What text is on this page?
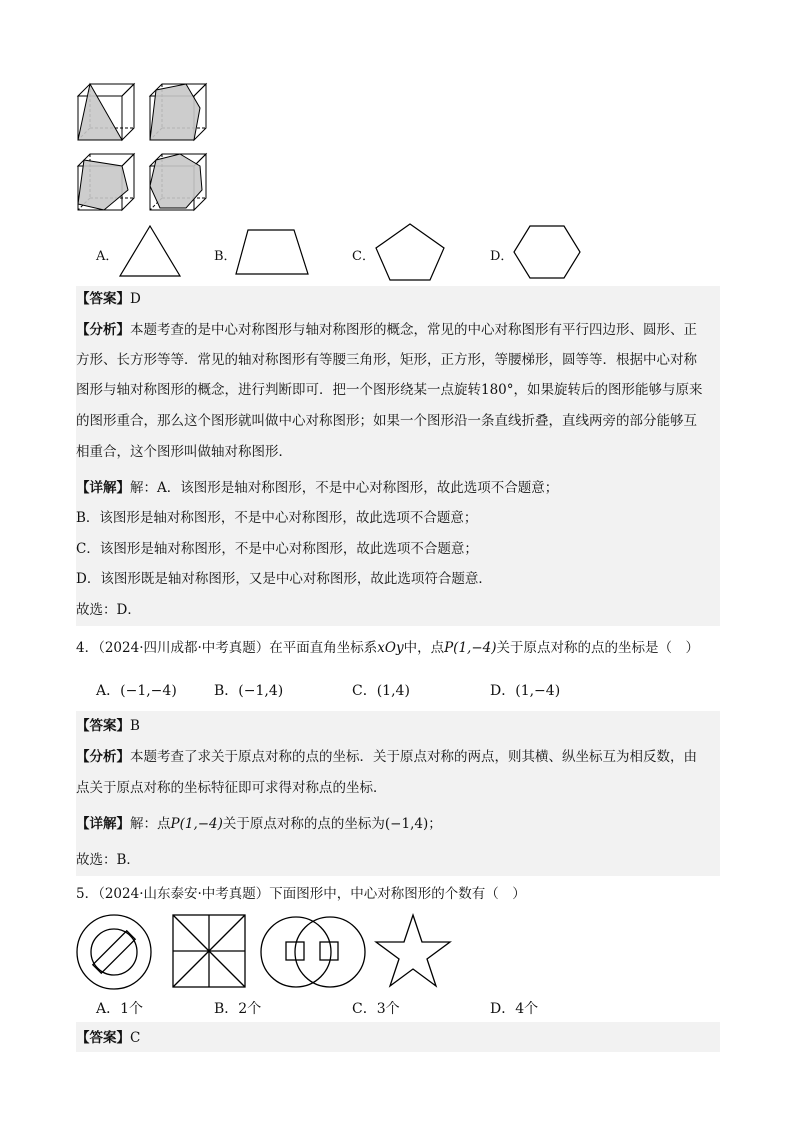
A．	B．	C．	D．
【答案】D
【分析】本题考查的是中心对称图形与轴对称图形的概念，常见的中心对称图形有平行四边形、圆形、正
方形、长方形等等．常见的轴对称图形有等腰三角形，矩形，正方形，等腰梯形，圆等等．根据中心对称
图形与轴对称图形的概念，进行判断即可．把一个图形绕某一点旋转180°，如果旋转后的图形能够与原来
的图形重合，那么这个图形就叫做中心对称图形；如果一个图形沿一条直线折叠，直线两旁的部分能够互
相重合，这个图形叫做轴对称图形．
【详解】解：A．该图形是轴对称图形，不是中心对称图形，故此选项不合题意；
B．该图形是轴对称图形，不是中心对称图形，故此选项不合题意；
C．该图形是轴对称图形，不是中心对称图形，故此选项不合题意；
D．该图形既是轴对称图形，又是中心对称图形，故此选项符合题意．
故选：D．
4．（2024·四川成都·中考真题）在平面直角坐标系xOy中，点P(1,−4)关于原点对称的点的坐标是（　）
A．(−1,−4)	B．(−1,4)	C．(1,4)	D．(1,−4)
【答案】B
【分析】本题考查了求关于原点对称的点的坐标．关于原点对称的两点，则其横、纵坐标互为相反数，由
点关于原点对称的坐标特征即可求得对称点的坐标．
【详解】解：点P(1,−4)关于原点对称的点的坐标为(−1,4)；
故选：B．
5．（2024·山东泰安·中考真题）下面图形中，中心对称图形的个数有（　）
A．1个	B．2个	C．3个	D．4个
【答案】C
